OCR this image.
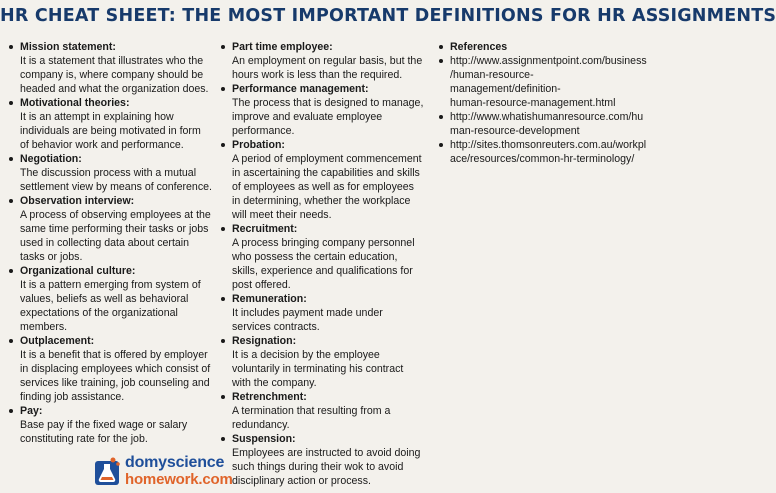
HR CHEAT SHEET: THE MOST IMPORTANT DEFINITIONS FOR HR ASSIGNMENTS
Mission statement:
It is a statement that illustrates who the company is, where company should be headed and what the organization does.
Motivational theories:
It is an attempt in explaining how individuals are being motivated in form of behavior work and performance.
Negotiation:
The discussion process with a mutual settlement view by means of conference.
Observation interview:
A process of observing employees at the same time performing their tasks or jobs used in collecting data about certain tasks or jobs.
Organizational culture:
It is a pattern emerging from system of values, beliefs as well as behavioral expectations of the organizational members.
Outplacement:
It is a benefit that is offered by employer in displacing employees which consist of services like training, job counseling and finding job assistance.
Pay:
Base pay if the fixed wage or salary constituting rate for the job.
Part time employee:
An employment on regular basis, but the hours work is less than the required.
Performance management:
The process that is designed to manage, improve and evaluate employee performance.
Probation:
A period of employment commencement in ascertaining the capabilities and skills of employees as well as for employees in determining, whether the workplace will meet their needs.
Recruitment:
A process bringing company personnel who possess the certain education, skills, experience and qualifications for post offered.
Remuneration:
It includes payment made under services contracts.
Resignation:
It is a decision by the employee voluntarily in terminating his contract with the company.
Retrenchment:
A termination that resulting from a redundancy.
Suspension:
Employees are instructed to avoid doing such things during their wok to avoid disciplinary action or process.
References
http://www.assignmentpoint.com/business
/human-resource-management/definition-
human-resource-management.html
http://www.whatishumanresource.com/hu
man-resource-development
http://sites.thomsonreuters.com.au/workpl
ace/resources/common-hr-terminology/
domyscience
homework.com
